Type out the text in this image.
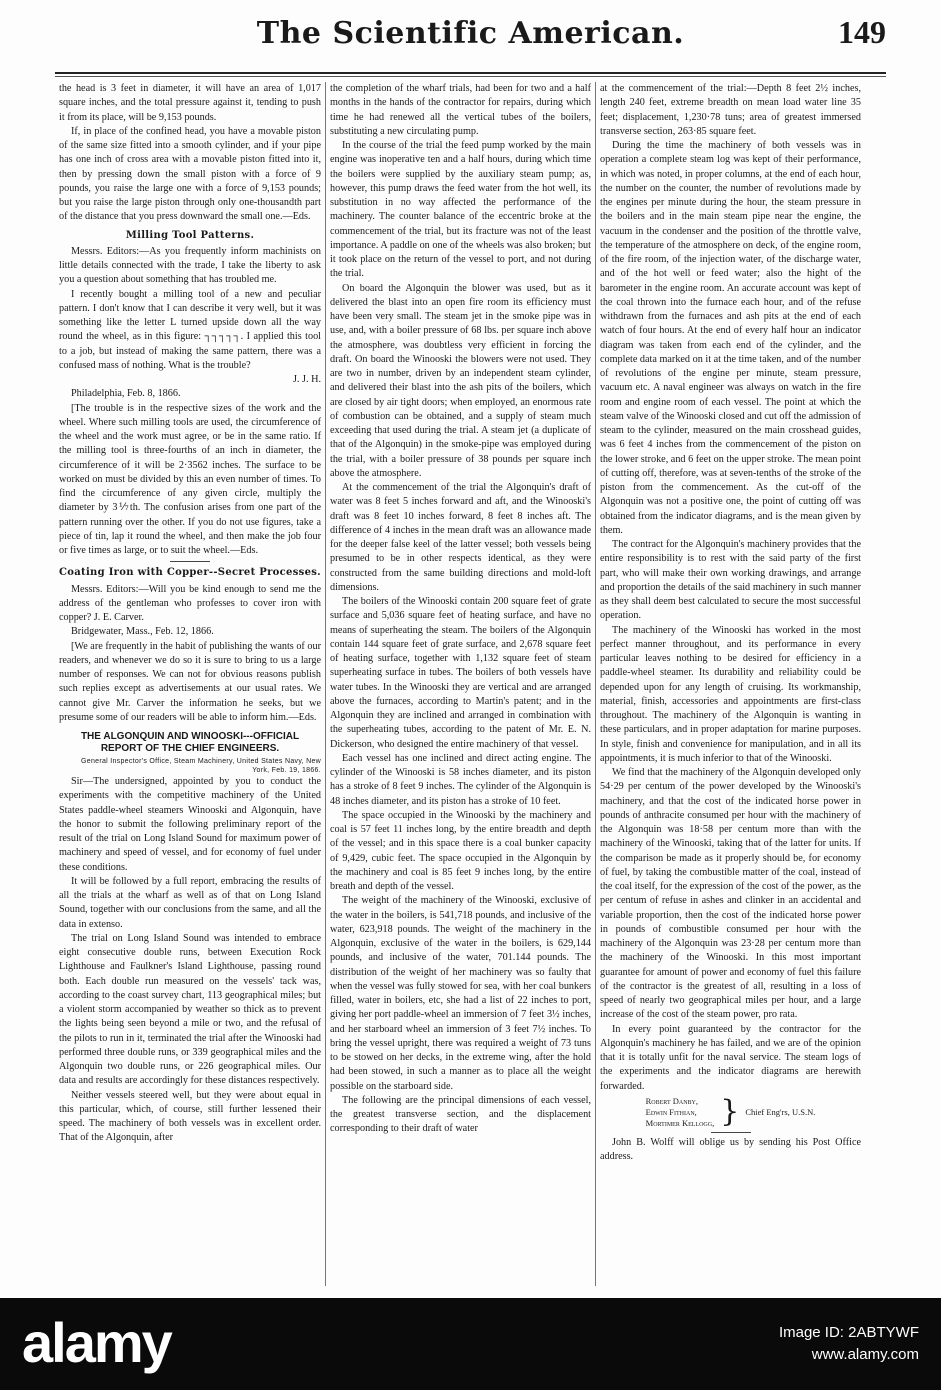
The Scientific American.	149

the head is 3 feet in diameter, it will have an area of 1,017 square inches, and the total pressure against it, tending to push it from its place, will be 9,153 pounds.

If, in place of the confined head, you have a movable piston of the same size fitted into a smooth cylinder, and if your pipe has one inch of cross area with a movable piston fitted into it, then by pressing down the small piston with a force of 9 pounds, you raise the large one with a force of 9,153 pounds; but you raise the large piston through only one-thousandth part of the distance that you press downward the small one.—Eds.

Milling Tool Patterns.

Messrs. Editors:—As you frequently inform machinists on little details connected with the trade, I take the liberty to ask you a question about something that has troubled me.

I recently bought a milling tool of a new and peculiar pattern. I don't know that I can describe it very well, but it was something like the letter L turned upside down all the way round the wheel, as in this figure: ┐┐┐┐┐. I applied this tool to a job, but instead of making the same pattern, there was a confused mass of nothing. What is the trouble?

J. J. H.

Philadelphia, Feb. 8, 1866.

[The trouble is in the respective sizes of the work and the wheel. Where such milling tools are used, the circumference of the wheel and the work must agree, or be in the same ratio. If the milling tool is three-fourths of an inch in diameter, the circumference of it will be 2·3562 inches. The surface to be worked on must be divided by this an even number of times. To find the circumference of any given circle, multiply the diameter by 3⅐th. The confusion arises from one part of the pattern running over the other. If you do not use figures, take a piece of tin, lap it round the wheel, and then make the job four or five times as large, or to suit the wheel.—Eds.

Coating Iron with Copper--Secret Processes.

Messrs. Editors:—Will you be kind enough to send me the address of the gentleman who professes to cover iron with copper? J. E. Carver.

Bridgewater, Mass., Feb. 12, 1866.

[We are frequently in the habit of publishing the wants of our readers, and whenever we do so it is sure to bring to us a large number of responses. We can not for obvious reasons publish such replies except as advertisements at our usual rates. We cannot give Mr. Carver the information he seeks, but we presume some of our readers will be able to inform him.—Eds.

THE ALGONQUIN AND WINOOSKI---OFFICIAL REPORT OF THE CHIEF ENGINEERS.

General Inspector's Office, Steam Machinery, United States Navy, New York, Feb. 19, 1866.

Sir—The undersigned, appointed by you to conduct the experiments with the competitive machinery of the United States paddle-wheel steamers Winooski and Algonquin, have the honor to submit the following preliminary report of the result of the trial on Long Island Sound for maximum power of machinery and speed of vessel, and for economy of fuel under these conditions.

It will be followed by a full report, embracing the results of all the trials at the wharf as well as of that on Long Island Sound, together with our conclusions from the same, and all the data in extenso.

The trial on Long Island Sound was intended to embrace eight consecutive double runs, between Execution Rock Lighthouse and Faulkner's Island Lighthouse, passing round both. Each double run measured on the vessels' tack was, according to the coast survey chart, 113 geographical miles; but a violent storm accompanied by weather so thick as to prevent the lights being seen beyond a mile or two, and the refusal of the pilots to run in it, terminated the trial after the Winooski had performed three double runs, or 339 geographical miles and the Algonquin two double runs, or 226 geographical miles. Our data and results are accordingly for these distances respectively.

Neither vessels steered well, but they were about equal in this particular, which, of course, still further lessened their speed. The machinery of both vessels was in excellent order. That of the Algonquin, after

the completion of the wharf trials, had been for two and a half months in the hands of the contractor for repairs, during which time he had renewed all the vertical tubes of the boilers, substituting a new circulating pump.

In the course of the trial the feed pump worked by the main engine was inoperative ten and a half hours, during which time the boilers were supplied by the auxiliary steam pump; as, however, this pump draws the feed water from the hot well, its substitution in no way affected the performance of the machinery. The counter balance of the eccentric broke at the commencement of the trial, but its fracture was not of the least importance. A paddle on one of the wheels was also broken; but it took place on the return of the vessel to port, and not during the trial.

On board the Algonquin the blower was used, but as it delivered the blast into an open fire room its efficiency must have been very small. The steam jet in the smoke pipe was in use, and, with a boiler pressure of 68 lbs. per square inch above the atmosphere, was doubtless very efficient in forcing the draft. On board the Winooski the blowers were not used. They are two in number, driven by an independent steam cylinder, and delivered their blast into the ash pits of the boilers, which are closed by air tight doors; when employed, an enormous rate of combustion can be obtained, and a supply of steam much exceeding that used during the trial. A steam jet (a duplicate of that of the Algonquin) in the smoke-pipe was employed during the trial, with a boiler pressure of 38 pounds per square inch above the atmosphere.

At the commencement of the trial the Algonquin's draft of water was 8 feet 5 inches forward and aft, and the Winooski's draft was 8 feet 10 inches forward, 8 feet 8 inches aft. The difference of 4 inches in the mean draft was an allowance made for the deeper false keel of the latter vessel; both vessels being presumed to be in other respects identical, as they were constructed from the same building directions and mold-loft dimensions.

The boilers of the Winooski contain 200 square feet of grate surface and 5,036 square feet of heating surface, and have no means of superheating the steam. The boilers of the Algonquin contain 144 square feet of grate surface, and 2,678 square feet of heating surface, together with 1,132 square feet of steam superheating surface in tubes. The boilers of both vessels have water tubes. In the Winooski they are vertical and are arranged above the furnaces, according to Martin's patent; and in the Algonquin they are inclined and arranged in combination with the superheating tubes, according to the patent of Mr. E. N. Dickerson, who designed the entire machinery of that vessel.

Each vessel has one inclined and direct acting engine. The cylinder of the Winooski is 58 inches diameter, and its piston has a stroke of 8 feet 9 inches. The cylinder of the Algonquin is 48 inches diameter, and its piston has a stroke of 10 feet.

The space occupied in the Winooski by the machinery and coal is 57 feet 11 inches long, by the entire breadth and depth of the vessel; and in this space there is a coal bunker capacity of 9,429, cubic feet. The space occupied in the Algonquin by the machinery and coal is 85 feet 9 inches long, by the entire breath and depth of the vessel.

The weight of the machinery of the Winooski, exclusive of the water in the boilers, is 541,718 pounds, and inclusive of the water, 623,918 pounds. The weight of the machinery in the Algonquin, exclusive of the water in the boilers, is 629,144 pounds, and inclusive of the water, 701.144 pounds. The distribution of the weight of her machinery was so faulty that when the vessel was fully stowed for sea, with her coal bunkers filled, water in boilers, etc, she had a list of 22 inches to port, giving her port paddle-wheel an immersion of 7 feet 3½ inches, and her starboard wheel an immersion of 3 feet 7½ inches. To bring the vessel upright, there was required a weight of 73 tuns to be stowed on her decks, in the extreme wing, after the hold had been stowed, in such a manner as to place all the weight possible on the starboard side.

The following are the principal dimensions of each vessel, the greatest transverse section, and the displacement corresponding to their draft of water

at the commencement of the trial:—Depth 8 feet 2½ inches, length 240 feet, extreme breadth on mean load water line 35 feet; displacement, 1,230·78 tuns; area of greatest immersed transverse section, 263·85 square feet.

During the time the machinery of both vessels was in operation a complete steam log was kept of their performance, in which was noted, in proper columns, at the end of each hour, the number on the counter, the number of revolutions made by the engines per minute during the hour, the steam pressure in the boilers and in the main steam pipe near the engine, the vacuum in the condenser and the position of the throttle valve, the temperature of the atmosphere on deck, of the engine room, of the fire room, of the injection water, of the discharge water, and of the hot well or feed water; also the hight of the barometer in the engine room. An accurate account was kept of the coal thrown into the furnace each hour, and of the refuse withdrawn from the furnaces and ash pits at the end of each watch of four hours. At the end of every half hour an indicator diagram was taken from each end of the cylinder, and the complete data marked on it at the time taken, and of the number of revolutions of the engine per minute, steam pressure, vacuum etc. A naval engineer was always on watch in the fire room and engine room of each vessel. The point at which the steam valve of the Winooski closed and cut off the admission of steam to the cylinder, measured on the main crosshead guides, was 6 feet 4 inches from the commencement of the piston on the lower stroke, and 6 feet on the upper stroke. The mean point of cutting off, therefore, was at seven-tenths of the stroke of the piston from the commencement. As the cut-off of the Algonquin was not a positive one, the point of cutting off was obtained from the indicator diagrams, and is the mean given by them.

The contract for the Algonquin's machinery provides that the entire responsibility is to rest with the said party of the first part, who will make their own working drawings, and arrange and proportion the details of the said machinery in such manner as they shall deem best calculated to secure the most successful operation.

The machinery of the Winooski has worked in the most perfect manner throughout, and its performance in every particular leaves nothing to be desired for efficiency in a paddle-wheel steamer. Its durability and reliability could be depended upon for any length of cruising. Its workmanship, material, finish, accessories and appointments are first-class throughout. The machinery of the Algonquin is wanting in these particulars, and in proper adaptation for marine purposes. In style, finish and convenience for manipulation, and in all its appointments, it is much inferior to that of the Winooski.

We find that the machinery of the Algonquin developed only 54·29 per centum of the power developed by the Winooski's machinery, and that the cost of the indicated horse power in pounds of anthracite consumed per hour with the machinery of the Algonquin was 18·58 per centum more than with the machinery of the Winooski, taking that of the latter for units. If the comparison be made as it properly should be, for economy of fuel, by taking the combustible matter of the coal, instead of the coal itself, for the expression of the cost of the power, as the per centum of refuse in ashes and clinker in an accidental and variable proportion, then the cost of the indicated horse power in pounds of combustible consumed per hour with the machinery of the Algonquin was 23·28 per centum more than the machinery of the Winooski. In this most important guarantee for amount of power and economy of fuel this failure of the contractor is the greatest of all, resulting in a loss of speed of nearly two geographical miles per hour, and a large increase of the cost of the steam power, pro rata.

In every point guaranteed by the contractor for the Algonquin's machinery he has failed, and we are of the opinion that it is totally unfit for the naval service. The steam logs of the experiments and the indicator diagrams are herewith forwarded.

Robert Danby,
Edwin Fithian,
Mortimer Kellogg, } Chief Eng'rs, U.S.N.

John B. Wolff will oblige us by sending his Post Office address.

alamy	Image ID: 2ABTYWF
www.alamy.com
